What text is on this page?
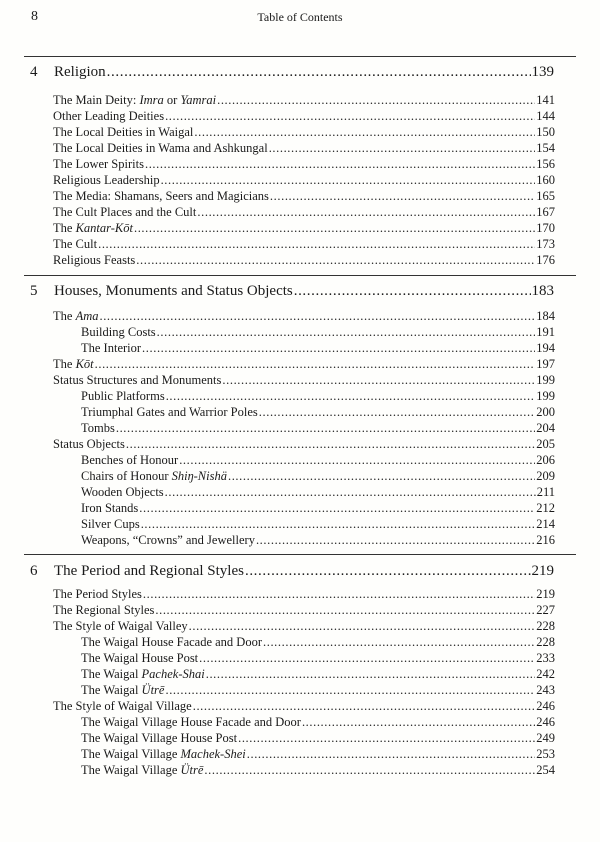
8	Table of Contents
4 Religion .....	139
The Main Deity: Imra or Yamrai .....	141
Other Leading Deities .....	144
The Local Deities in Waigal .....	150
The Local Deities in Wama and Ashkungal .....	154
The Lower Spirits .....	156
Religious Leadership .....	160
The Media: Shamans, Seers and Magicians .....	165
The Cult Places and the Cult .....	167
The Kantar-Kōt .....	170
The Cult .....	173
Religious Feasts .....	176
5 Houses, Monuments and Status Objects .....	183
The Ama .....	184
Building Costs .....	191
The Interior .....	194
The Kōt .....	197
Status Structures and Monuments .....	199
Public Platforms .....	199
Triumphal Gates and Warrior Poles .....	200
Tombs .....	204
Status Objects .....	205
Benches of Honour .....	206
Chairs of Honour Shiŋ-Nishä .....	209
Wooden Objects .....	211
Iron Stands .....	212
Silver Cups .....	214
Weapons, “Crowns” and Jewellery .....	216
6 The Period and Regional Styles .....	219
The Period Styles .....	219
The Regional Styles .....	227
The Style of Waigal Valley .....	228
The Waigal House Facade and Door .....	228
The Waigal House Post .....	233
The Waigal Pachek-Shai .....	242
The Waigal Ütrē .....	243
The Style of Waigal Village .....	246
The Waigal Village House Facade and Door .....	246
The Waigal Village House Post .....	249
The Waigal Village Machek-Shei .....	253
The Waigal Village Ütrē .....	254
